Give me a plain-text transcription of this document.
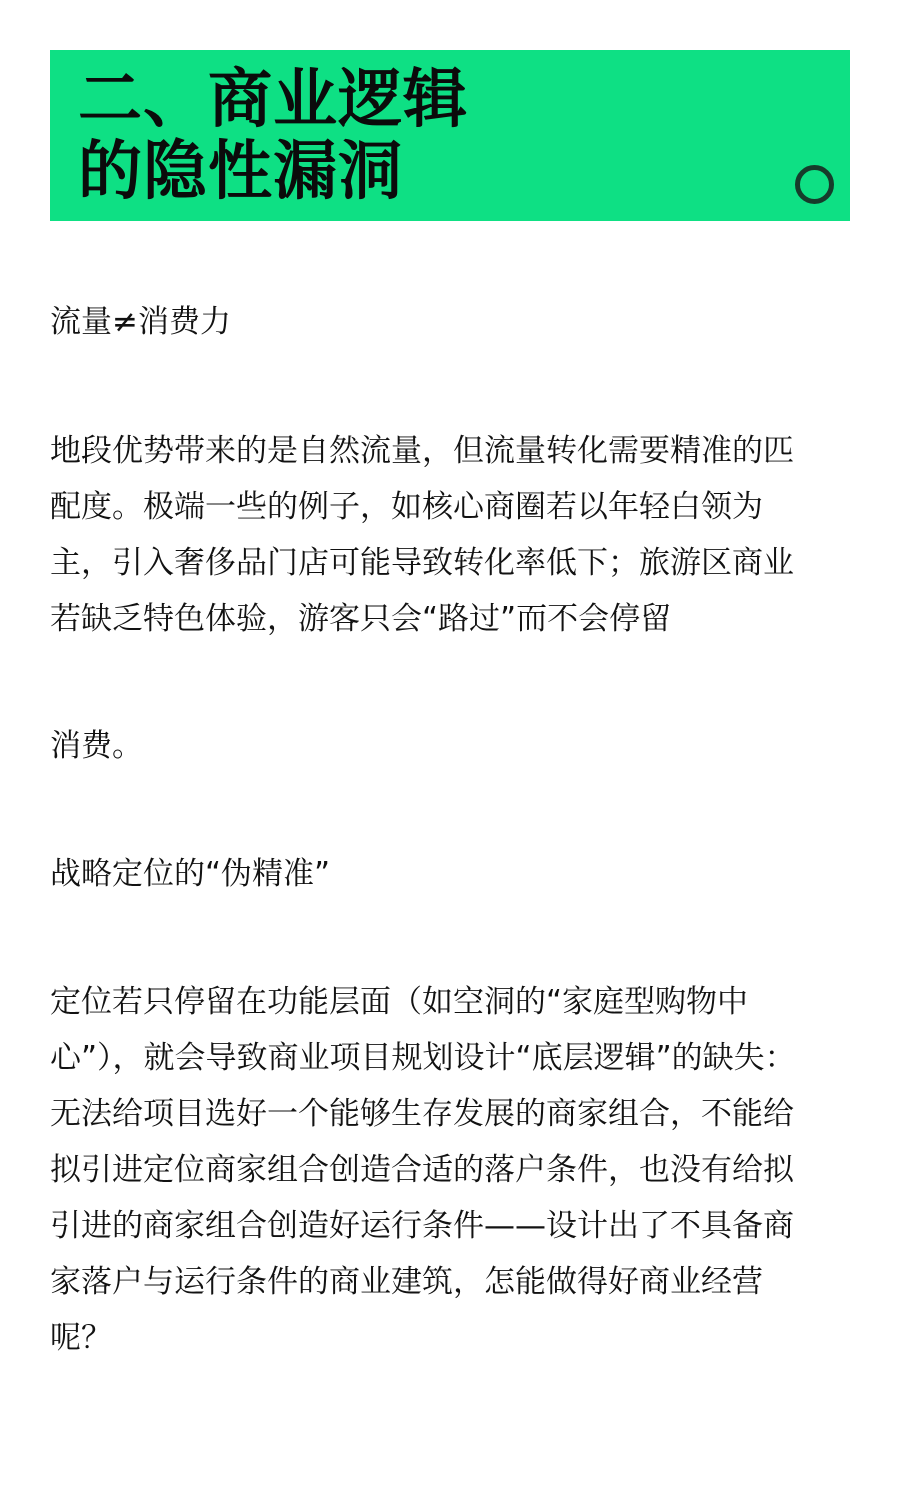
二、商业逻辑
的隐性漏洞

流量≠消费力

地段优势带来的是自然流量，但流量转化需要精准的匹
配度。极端一些的例子，如核心商圈若以年轻白领为
主，引入奢侈品门店可能导致转化率低下；旅游区商业
若缺乏特色体验，游客只会“路过”而不会停留

消费。

战略定位的“伪精准”

定位若只停留在功能层面（如空洞的“家庭型购物中
心”），就会导致商业项目规划设计“底层逻辑”的缺失：
无法给项目选好一个能够生存发展的商家组合，不能给
拟引进定位商家组合创造合适的落户条件，也没有给拟
引进的商家组合创造好运行条件——设计出了不具备商
家落户与运行条件的商业建筑，怎能做得好商业经营
呢？
